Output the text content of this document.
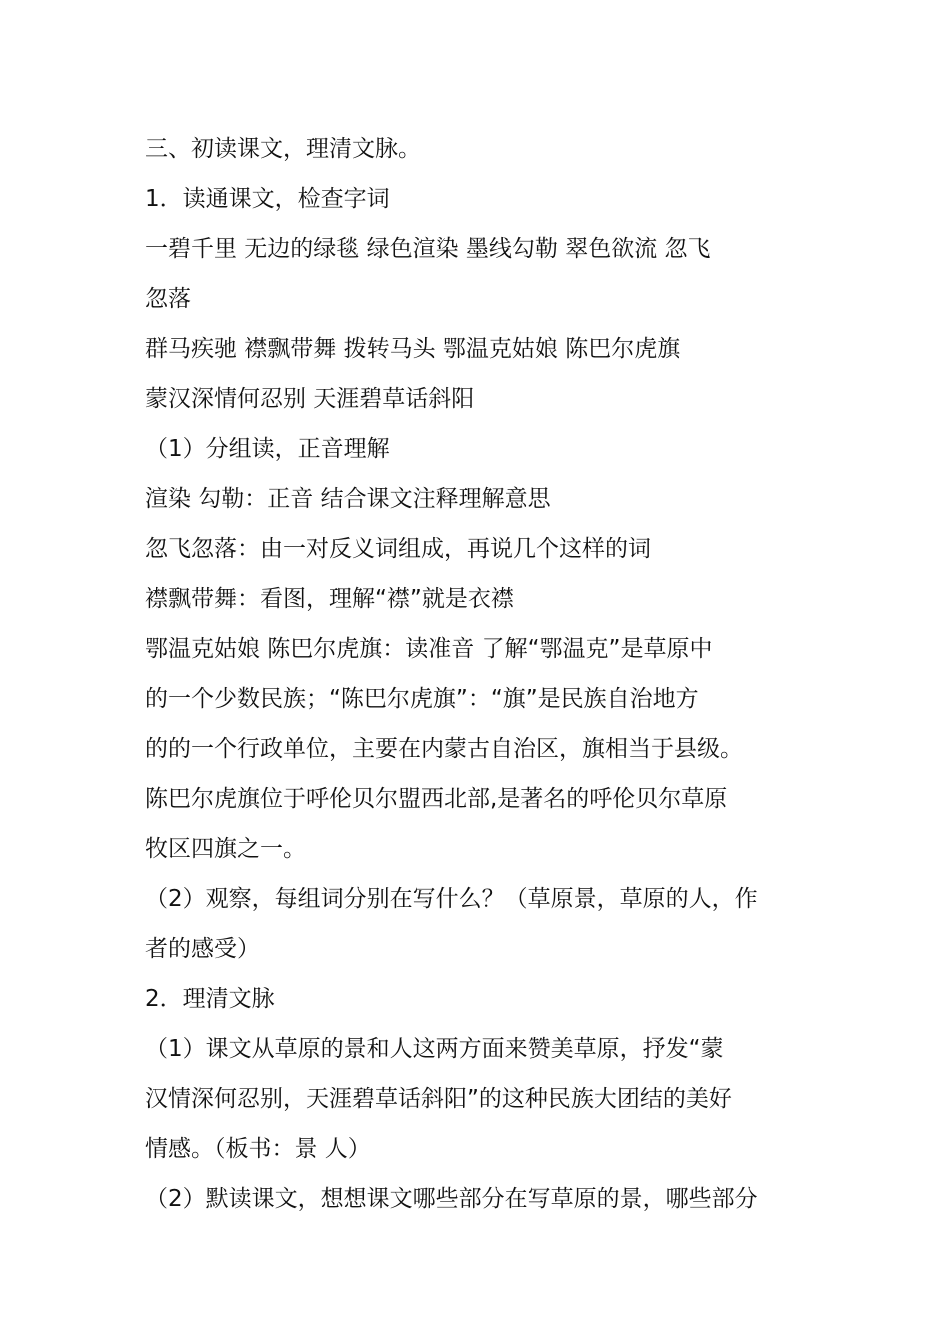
三、初读课文，理清文脉。
1．读通课文，检查字词
一碧千里 无边的绿毯 绿色渲染 墨线勾勒 翠色欲流 忽飞
忽落
群马疾驰 襟飘带舞 拨转马头 鄂温克姑娘 陈巴尔虎旗
蒙汉深情何忍别 天涯碧草话斜阳
（1）分组读，正音理解
渲染 勾勒：正音 结合课文注释理解意思
忽飞忽落：由一对反义词组成，再说几个这样的词
襟飘带舞：看图，理解“襟”就是衣襟
鄂温克姑娘 陈巴尔虎旗：读准音 了解“鄂温克”是草原中
的一个少数民族；“陈巴尔虎旗”：“旗”是民族自治地方
的的一个行政单位，主要在内蒙古自治区，旗相当于县级。
陈巴尔虎旗位于呼伦贝尔盟西北部,是著名的呼伦贝尔草原
牧区四旗之一。
（2）观察，每组词分别在写什么？（草原景，草原的人，作
者的感受）
2．理清文脉
（1）课文从草原的景和人这两方面来赞美草原，抒发“蒙
汉情深何忍别，天涯碧草话斜阳”的这种民族大团结的美好
情感。（板书：景 人）
（2）默读课文，想想课文哪些部分在写草原的景，哪些部分
